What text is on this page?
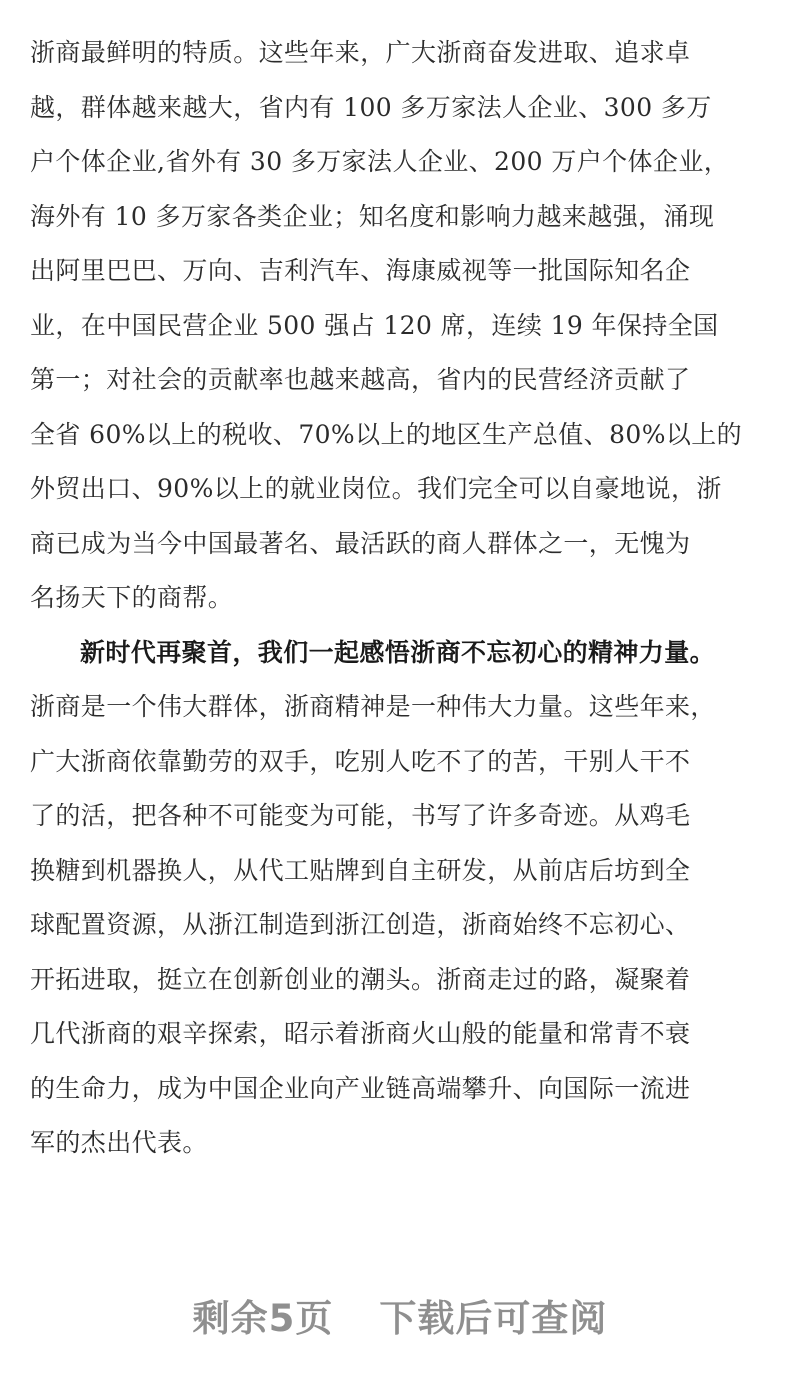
浙商最鲜明的特质。这些年来，广大浙商奋发进取、追求卓
越，群体越来越大，省内有 100 多万家法人企业、300 多万
户个体企业,省外有 30 多万家法人企业、200 万户个体企业，
海外有 10 多万家各类企业；知名度和影响力越来越强，涌现
出阿里巴巴、万向、吉利汽车、海康威视等一批国际知名企
业，在中国民营企业 500 强占 120 席，连续 19 年保持全国
第一；对社会的贡献率也越来越高，省内的民营经济贡献了
全省 60%以上的税收、70%以上的地区生产总值、80%以上的
外贸出口、90%以上的就业岗位。我们完全可以自豪地说，浙
商已成为当今中国最著名、最活跃的商人群体之一，无愧为
名扬天下的商帮。
新时代再聚首，我们一起感悟浙商不忘初心的精神力量。
浙商是一个伟大群体，浙商精神是一种伟大力量。这些年来，
广大浙商依靠勤劳的双手，吃别人吃不了的苦，干别人干不
了的活，把各种不可能变为可能，书写了许多奇迹。从鸡毛
换糖到机器换人，从代工贴牌到自主研发，从前店后坊到全
球配置资源，从浙江制造到浙江创造，浙商始终不忘初心、
开拓进取，挺立在创新创业的潮头。浙商走过的路，凝聚着
几代浙商的艰辛探索，昭示着浙商火山般的能量和常青不衰
的生命力，成为中国企业向产业链高端攀升、向国际一流进
军的杰出代表。
剩余5页 下载后可查阅
